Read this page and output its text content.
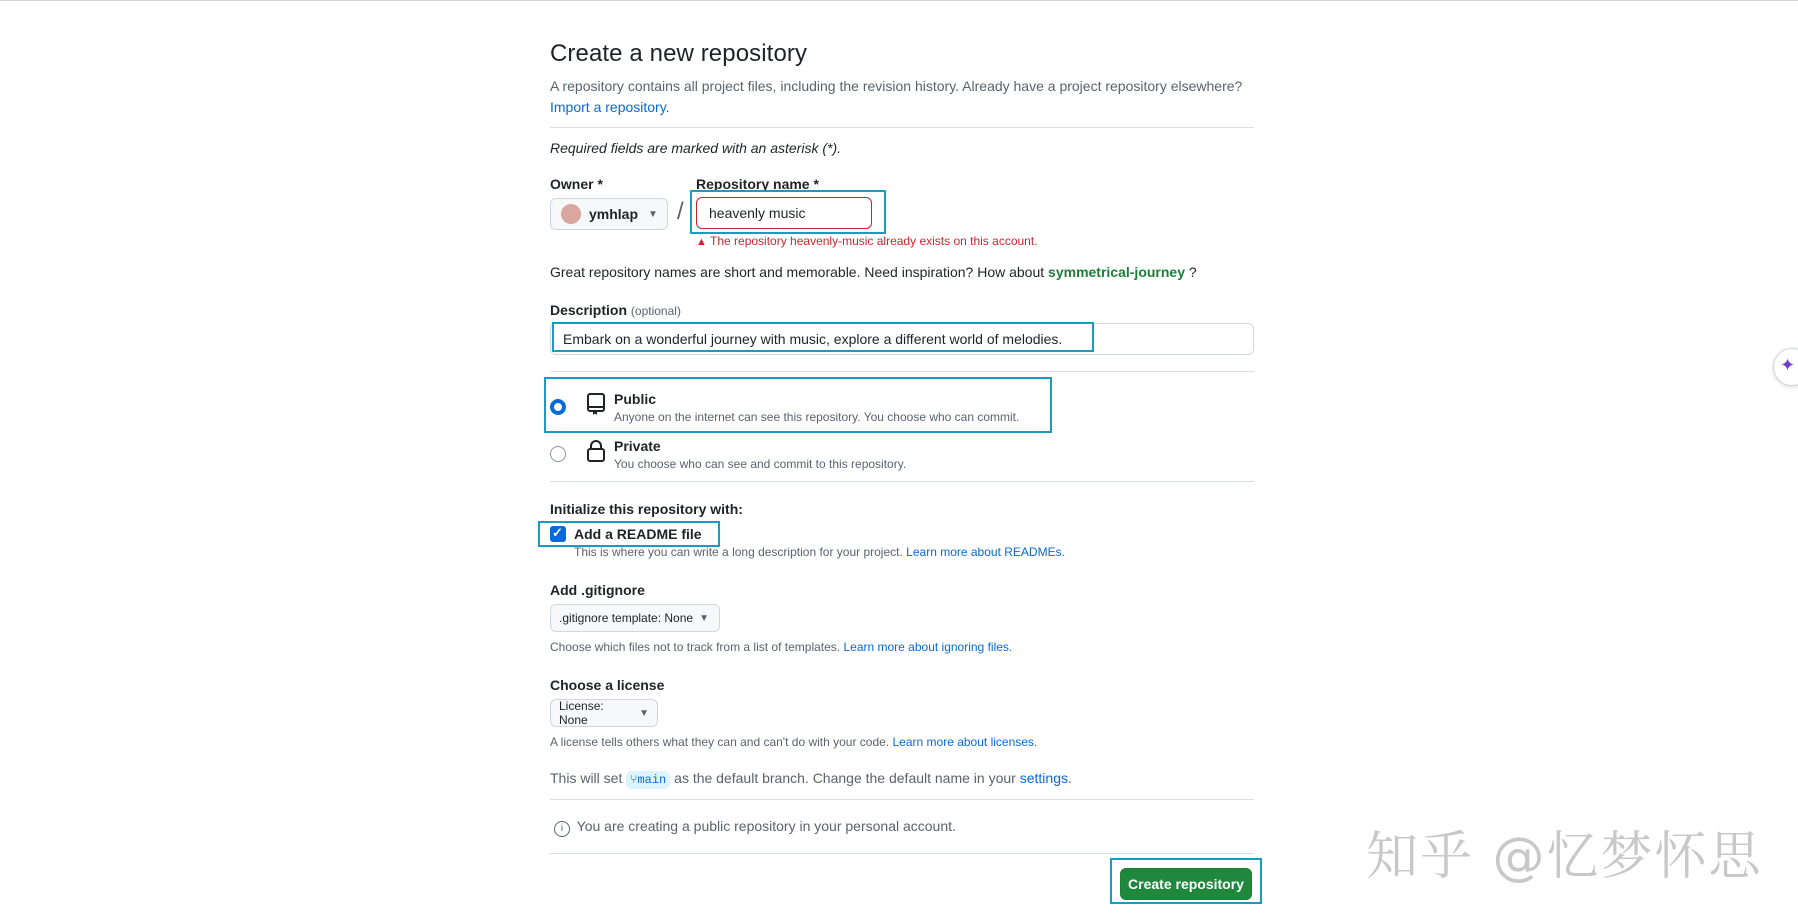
Create a new repository
A repository contains all project files, including the revision history. Already have a project repository elsewhere?
Import a repository.
Required fields are marked with an asterisk (*).
Owner *	Repository name *
ymhlap ▼ /
heavenly music
▲ The repository heavenly-music already exists on this account.
Great repository names are short and memorable. Need inspiration? How about symmetrical-journey ?
Description (optional)
Embark on a wonderful journey with music, explore a different world of melodies.
Public
Anyone on the internet can see this repository. You choose who can commit.
Private
You choose who can see and commit to this repository.
Initialize this repository with:
✓ Add a README file
This is where you can write a long description for your project. Learn more about READMEs.
Add .gitignore
.gitignore template: None ▼
Choose which files not to track from a list of templates. Learn more about ignoring files.
Choose a license
License: None	▼
A license tells others what they can and can't do with your code. Learn more about licenses.
This will set ⑂main as the default branch. Change the default name in your settings.
i You are creating a public repository in your personal account.
Create repository
✦
知乎 @忆梦怀思
